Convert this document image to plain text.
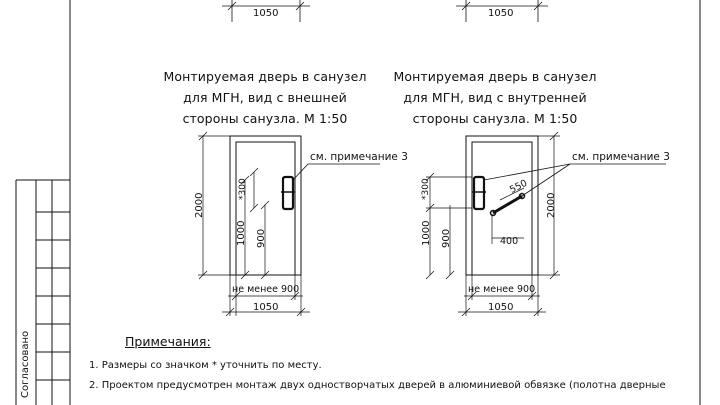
1050	1050
Монтируемая дверь в санузел
для МГН, вид с внешней
стороны санузла. М 1:50
Монтируемая дверь в санузел
для МГН, вид с внутренней
стороны санузла. М 1:50
см. примечание 3	см. примечание 3
2000
*300
1000 900
не менее 900
1050
2000
*300
1000 900
550
400
не менее 900
1050
Примечания:
1. Размеры со значком * уточнить по месту.
2. Проектом предусмотрен монтаж двух одностворчатых дверей в алюминиевой обвязке (полотна дверные
Согласовано
